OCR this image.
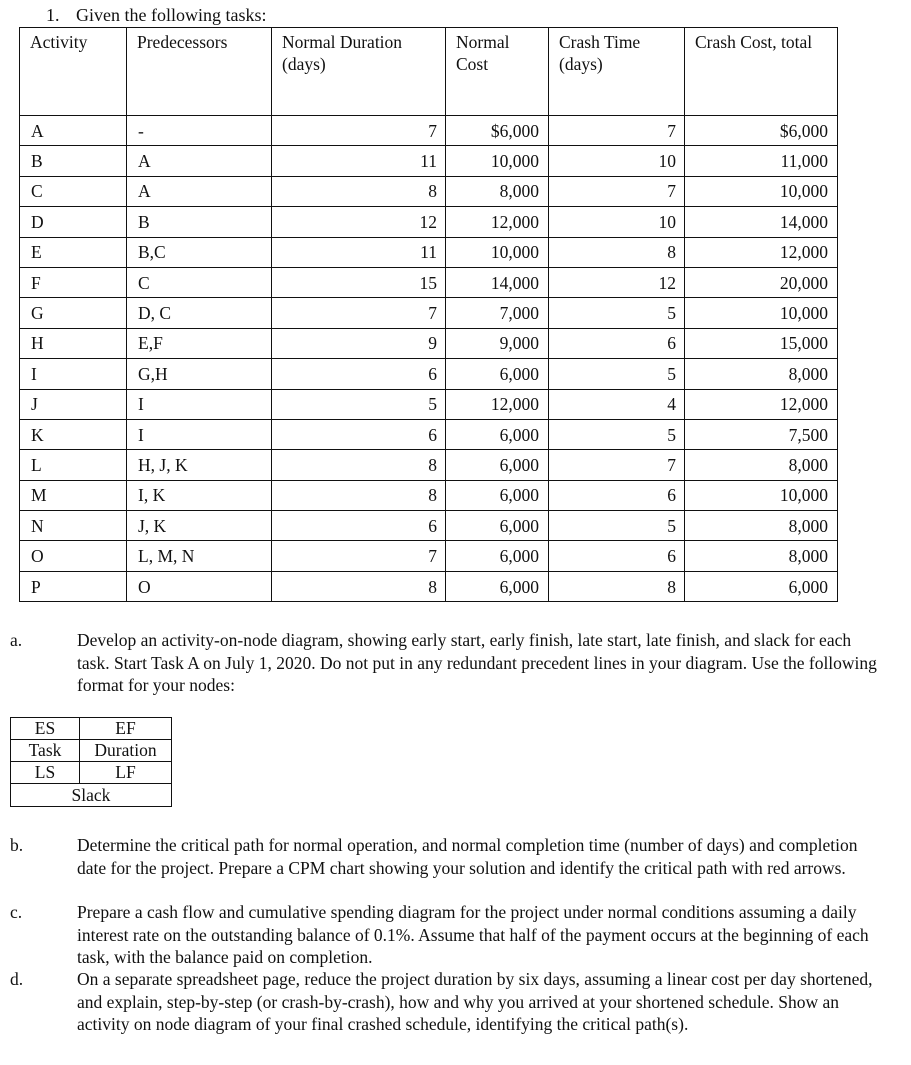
1. Given the following tasks:
Activity	Predecessors	Normal Duration (days)	Normal Cost	Crash Time (days)	Crash Cost, total
A	-	7	$6,000	7	$6,000
B	A	11	10,000	10	11,000
C	A	8	8,000	7	10,000
D	B	12	12,000	10	14,000
E	B,C	11	10,000	8	12,000
F	C	15	14,000	12	20,000
G	D, C	7	7,000	5	10,000
H	E,F	9	9,000	6	15,000
I	G,H	6	6,000	5	8,000
J	I	5	12,000	4	12,000
K	I	6	6,000	5	7,500
L	H, J, K	8	6,000	7	8,000
M	I, K	8	6,000	6	10,000
N	J, K	6	6,000	5	8,000
O	L, M, N	7	6,000	6	8,000
P	O	8	6,000	8	6,000
a.	Develop an activity-on-node diagram, showing early start, early finish, late start, late finish, and slack for each task. Start Task A on July 1, 2020. Do not put in any redundant precedent lines in your diagram. Use the following format for your nodes:
ES	EF
Task	Duration
LS	LF
Slack	
b.	Determine the critical path for normal operation, and normal completion time (number of days) and completion date for the project. Prepare a CPM chart showing your solution and identify the critical path with red arrows.
c.	Prepare a cash flow and cumulative spending diagram for the project under normal conditions assuming a daily interest rate on the outstanding balance of 0.1%. Assume that half of the payment occurs at the beginning of each task, with the balance paid on completion.
d.	On a separate spreadsheet page, reduce the project duration by six days, assuming a linear cost per day shortened, and explain, step-by-step (or crash-by-crash), how and why you arrived at your shortened schedule. Show an activity on node diagram of your final crashed schedule, identifying the critical path(s).
